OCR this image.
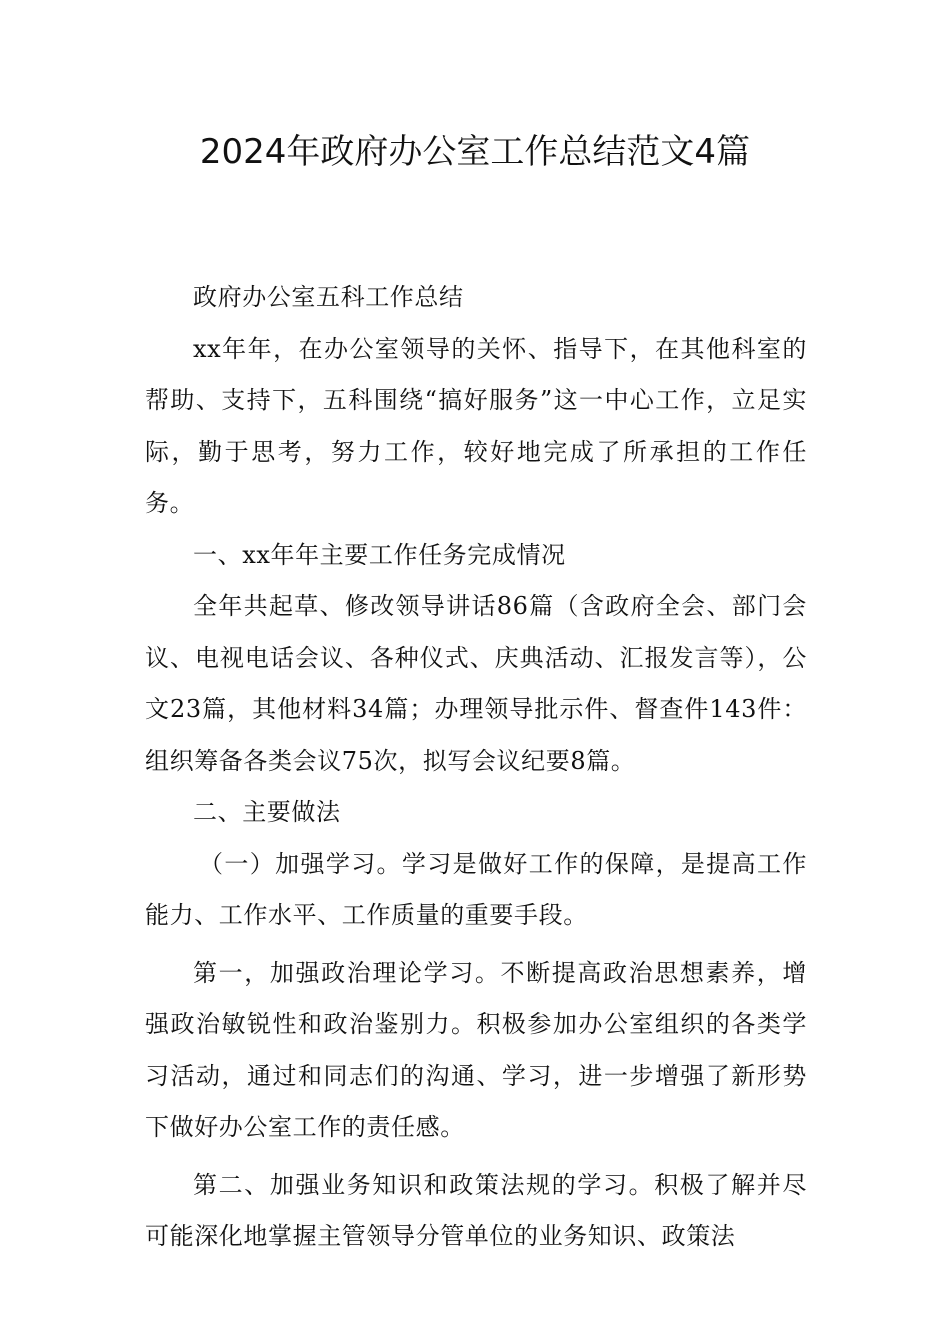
2024年政府办公室工作总结范文4篇

政府办公室五科工作总结

xx年年，在办公室领导的关怀、指导下，在其他科室的帮助、支持下，五科围绕“搞好服务”这一中心工作，立足实际，勤于思考，努力工作，较好地完成了所承担的工作任务。

一、xx年年主要工作任务完成情况

全年共起草、修改领导讲话86篇（含政府全会、部门会议、电视电话会议、各种仪式、庆典活动、汇报发言等），公文23篇，其他材料34篇；办理领导批示件、督查件143件：组织筹备各类会议75次，拟写会议纪要8篇。

二、主要做法

（一）加强学习。学习是做好工作的保障，是提高工作能力、工作水平、工作质量的重要手段。

第一，加强政治理论学习。不断提高政治思想素养，增强政治敏锐性和政治鉴别力。积极参加办公室组织的各类学习活动，通过和同志们的沟通、学习，进一步增强了新形势下做好办公室工作的责任感。

第二、加强业务知识和政策法规的学习。积极了解并尽可能深化地掌握主管领导分管单位的业务知识、政策法
